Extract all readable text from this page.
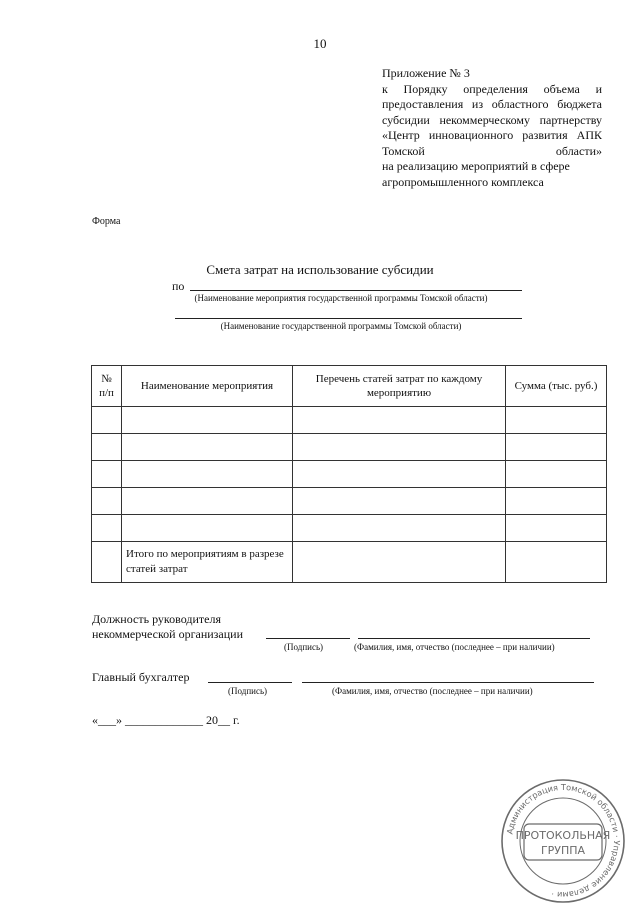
10
Приложение № 3
к Порядку определения объема и предоставления из областного бюджета субсидии некоммерческому партнерству «Центр инновационного развития АПК Томской области»
на реализацию мероприятий в сфере агропромышленного комплекса
Форма
Смета затрат на использование субсидии
по
(Наименование мероприятия государственной программы Томской области)
(Наименование государственной программы Томской области)
№ п/п	Наименование мероприятия	Перечень статей затрат по каждому мероприятию	Сумма (тыс. руб.)

	Итого по мероприятиям в разрезе статей затрат		
Должность руководителя
некоммерческой организации
(Подпись)	(Фамилия, имя, отчество (последнее – при наличии)
Главный бухгалтер
(Подпись)	(Фамилия, имя, отчество (последнее – при наличии)
«___» _____________ 20__ г.
Администрация Томской области · Управление делами ·
ПРОТОКОЛЬНАЯ
ГРУППА
